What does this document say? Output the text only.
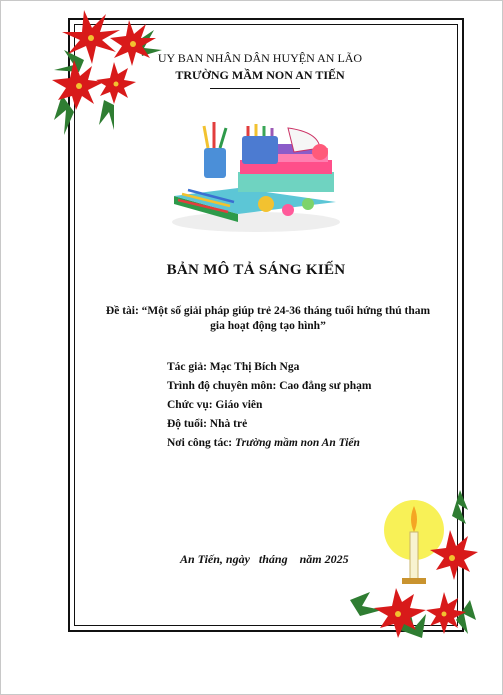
UY BAN NHÂN DÂN HUYỆN AN LÃO
TRƯỜNG MẦM NON AN TIẾN
BẢN MÔ TẢ SÁNG KIẾN
Đề tài: “Một số giải pháp giúp trẻ 24-36 tháng tuổi hứng thú tham
gia hoạt động tạo hình”
Tác giả: Mạc Thị Bích Nga
Trình độ chuyên môn: Cao đẳng sư phạm
Chức vụ: Giáo viên
Độ tuổi: Nhà trẻ
Nơi công tác: Trường mầm non An Tiến
An Tiến, ngày   tháng    năm 2025
